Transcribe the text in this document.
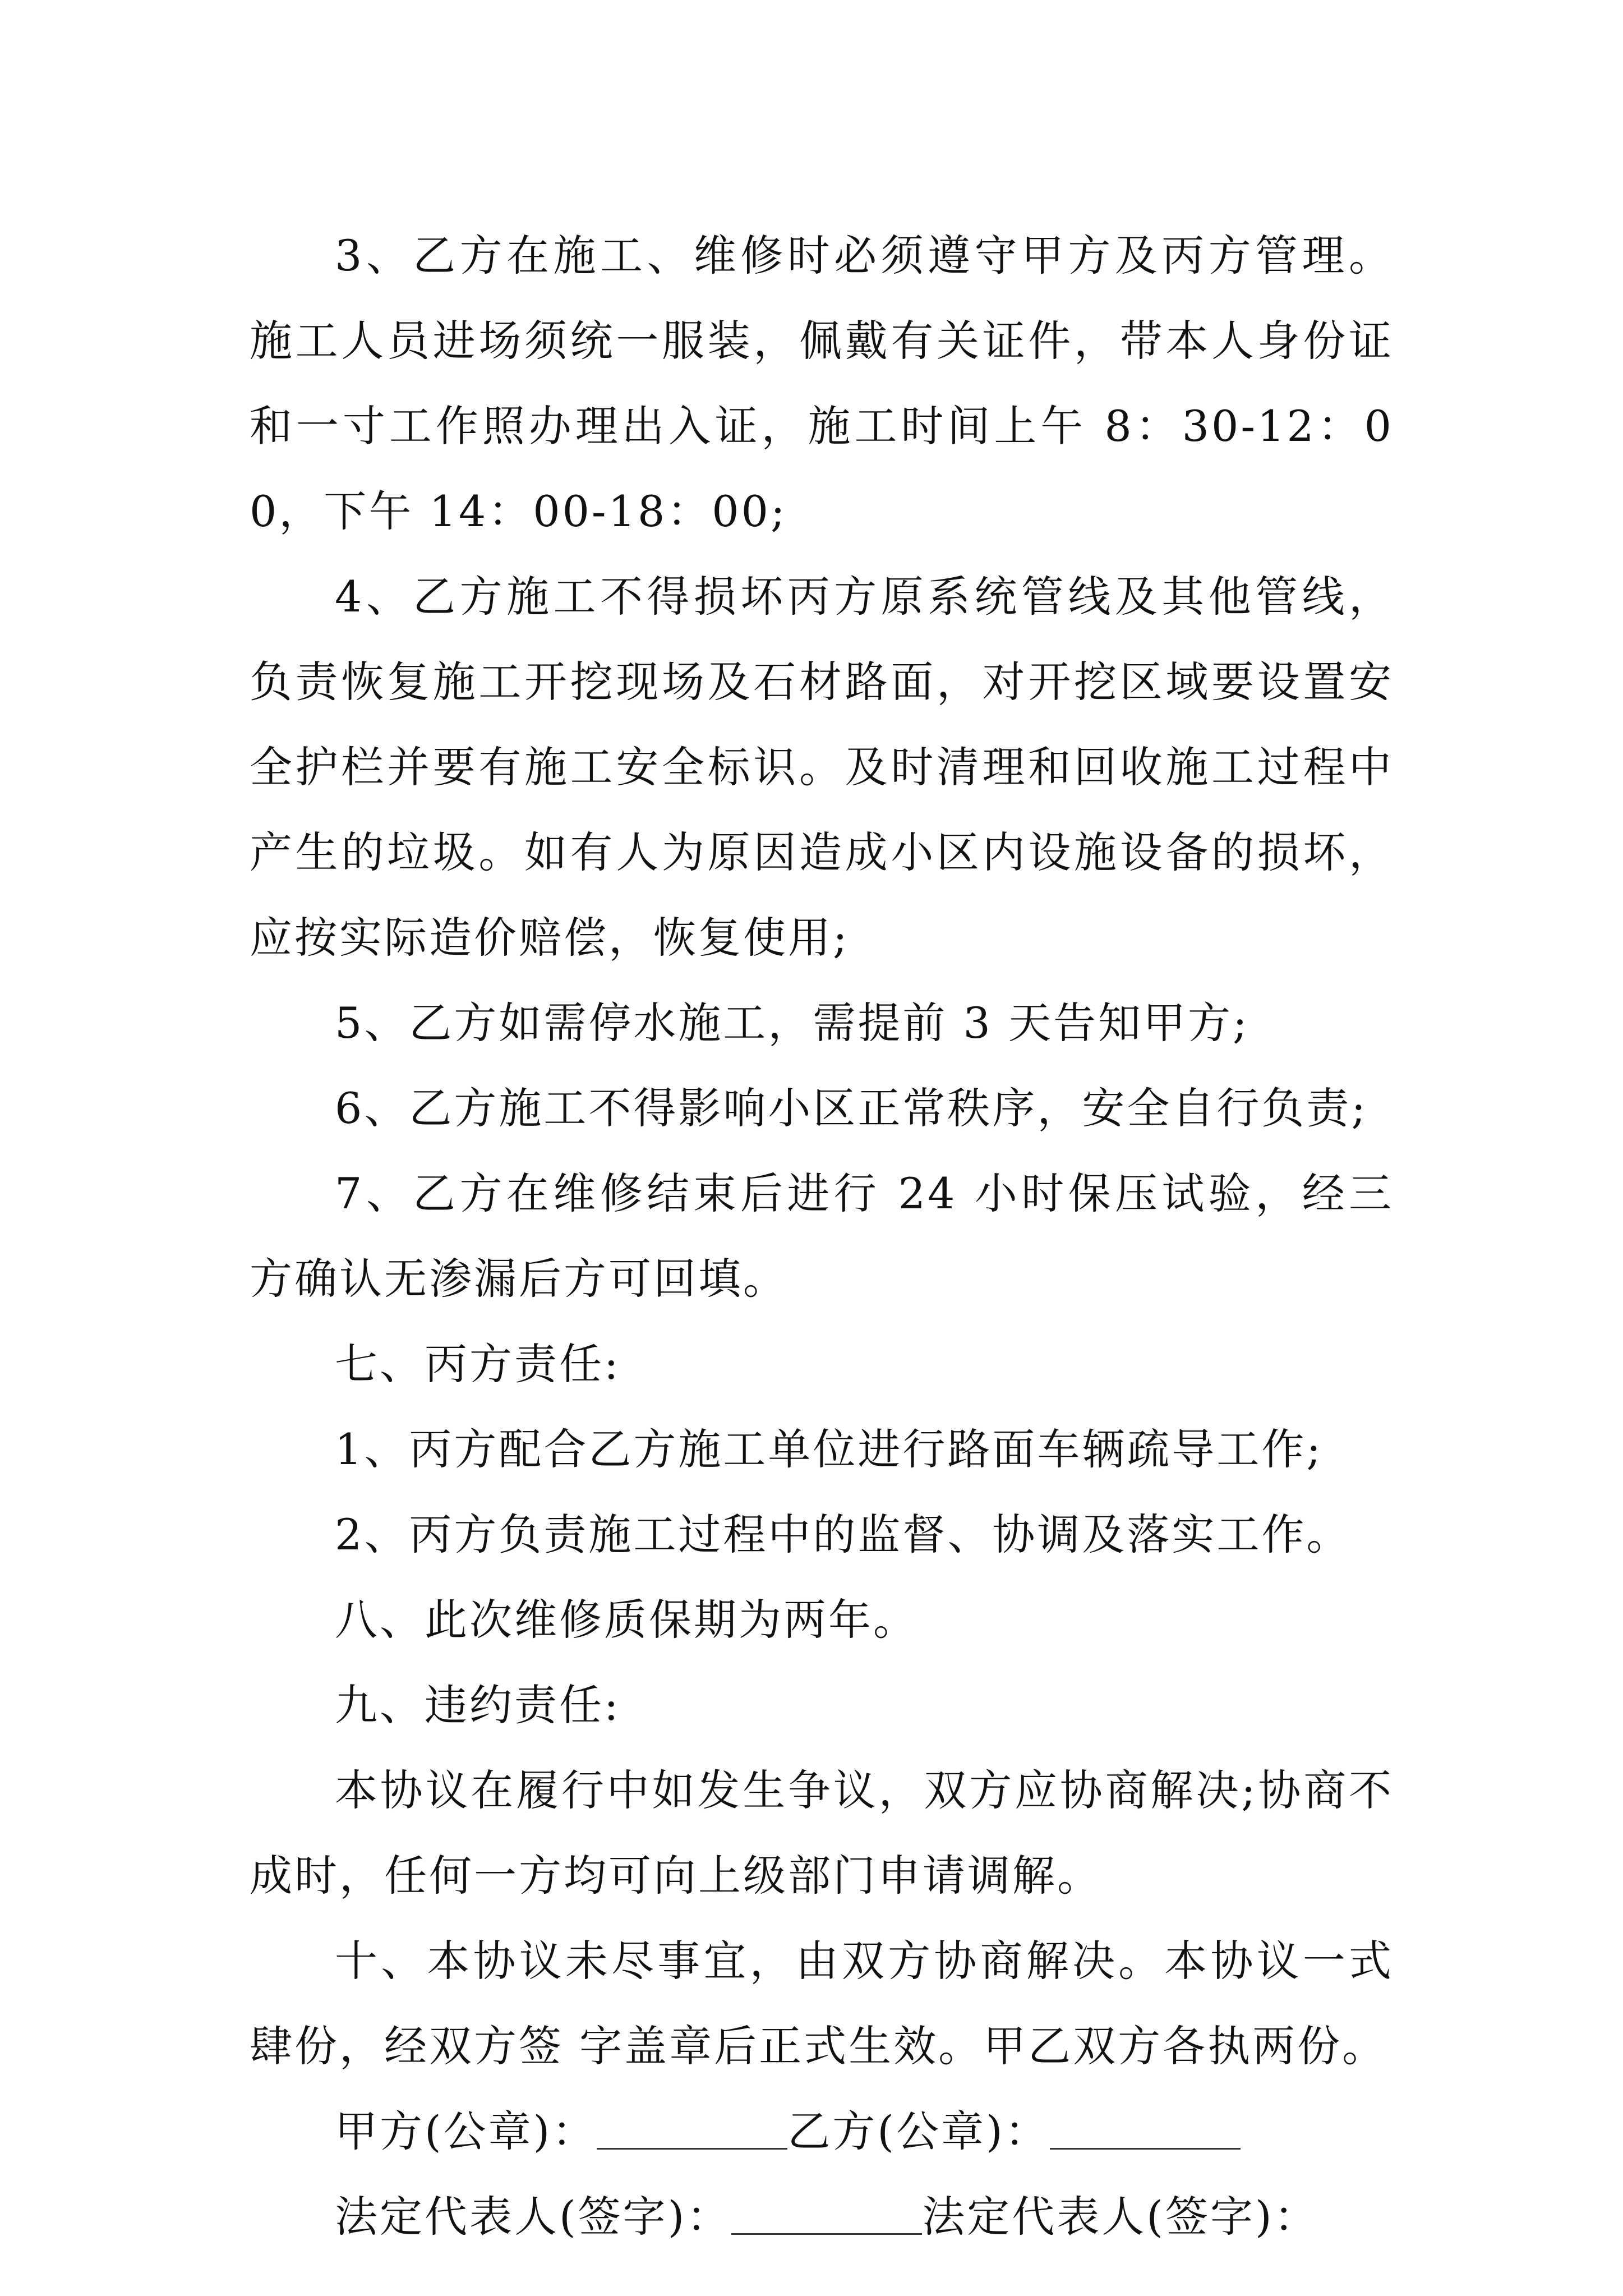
3、乙方在施工、维修时必须遵守甲方及丙方管理。施工人员进场须统一服装，佩戴有关证件，带本人身份证和一寸工作照办理出入证，施工时间上午 8：30-12：00，下午 14：00-18：00;

4、乙方施工不得损坏丙方原系统管线及其他管线，负责恢复施工开挖现场及石材路面，对开挖区域要设置安全护栏并要有施工安全标识。及时清理和回收施工过程中产生的垃圾。如有人为原因造成小区内设施设备的损坏，应按实际造价赔偿，恢复使用;

5、乙方如需停水施工，需提前 3 天告知甲方;

6、乙方施工不得影响小区正常秩序，安全自行负责;

7、乙方在维修结束后进行 24 小时保压试验，经三方确认无渗漏后方可回填。

七、丙方责任:

1、丙方配合乙方施工单位进行路面车辆疏导工作;

2、丙方负责施工过程中的监督、协调及落实工作。

八、此次维修质保期为两年。

九、违约责任:

本协议在履行中如发生争议，双方应协商解决;协商不成时，任何一方均可向上级部门申请调解。

十、本协议未尽事宜，由双方协商解决。本协议一式肆份，经双方签 字盖章后正式生效。甲乙双方各执两份。

甲方(公章)：	乙方(公章)：

法定代表人(签字)：	法定代表人(签字)：
